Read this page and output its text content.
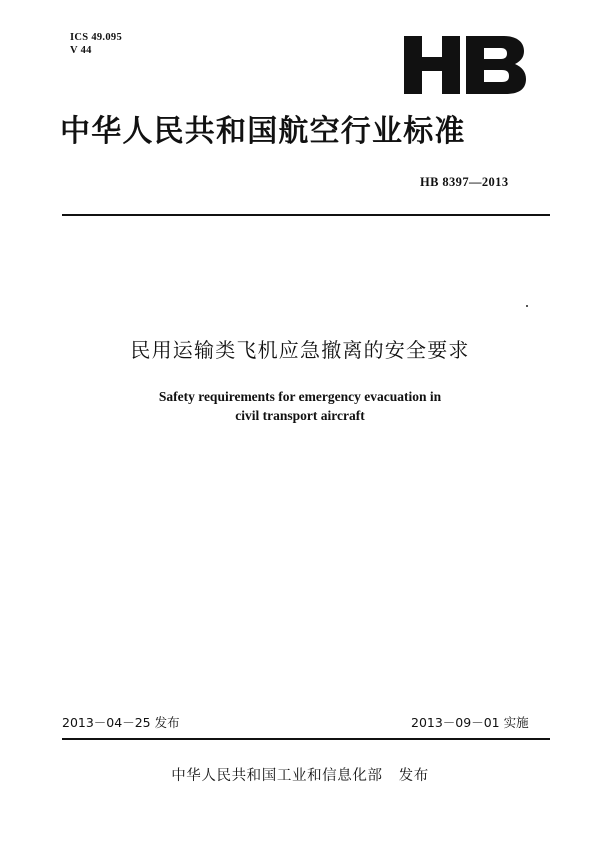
ICS 49.095
V 44
中华人民共和国航空行业标准
HB 8397—2013
民用运输类飞机应急撤离的安全要求
Safety requirements for emergency evacuation in
civil transport aircraft
2013－04－25 发布	2013－09－01 实施
中华人民共和国工业和信息化部 发布
